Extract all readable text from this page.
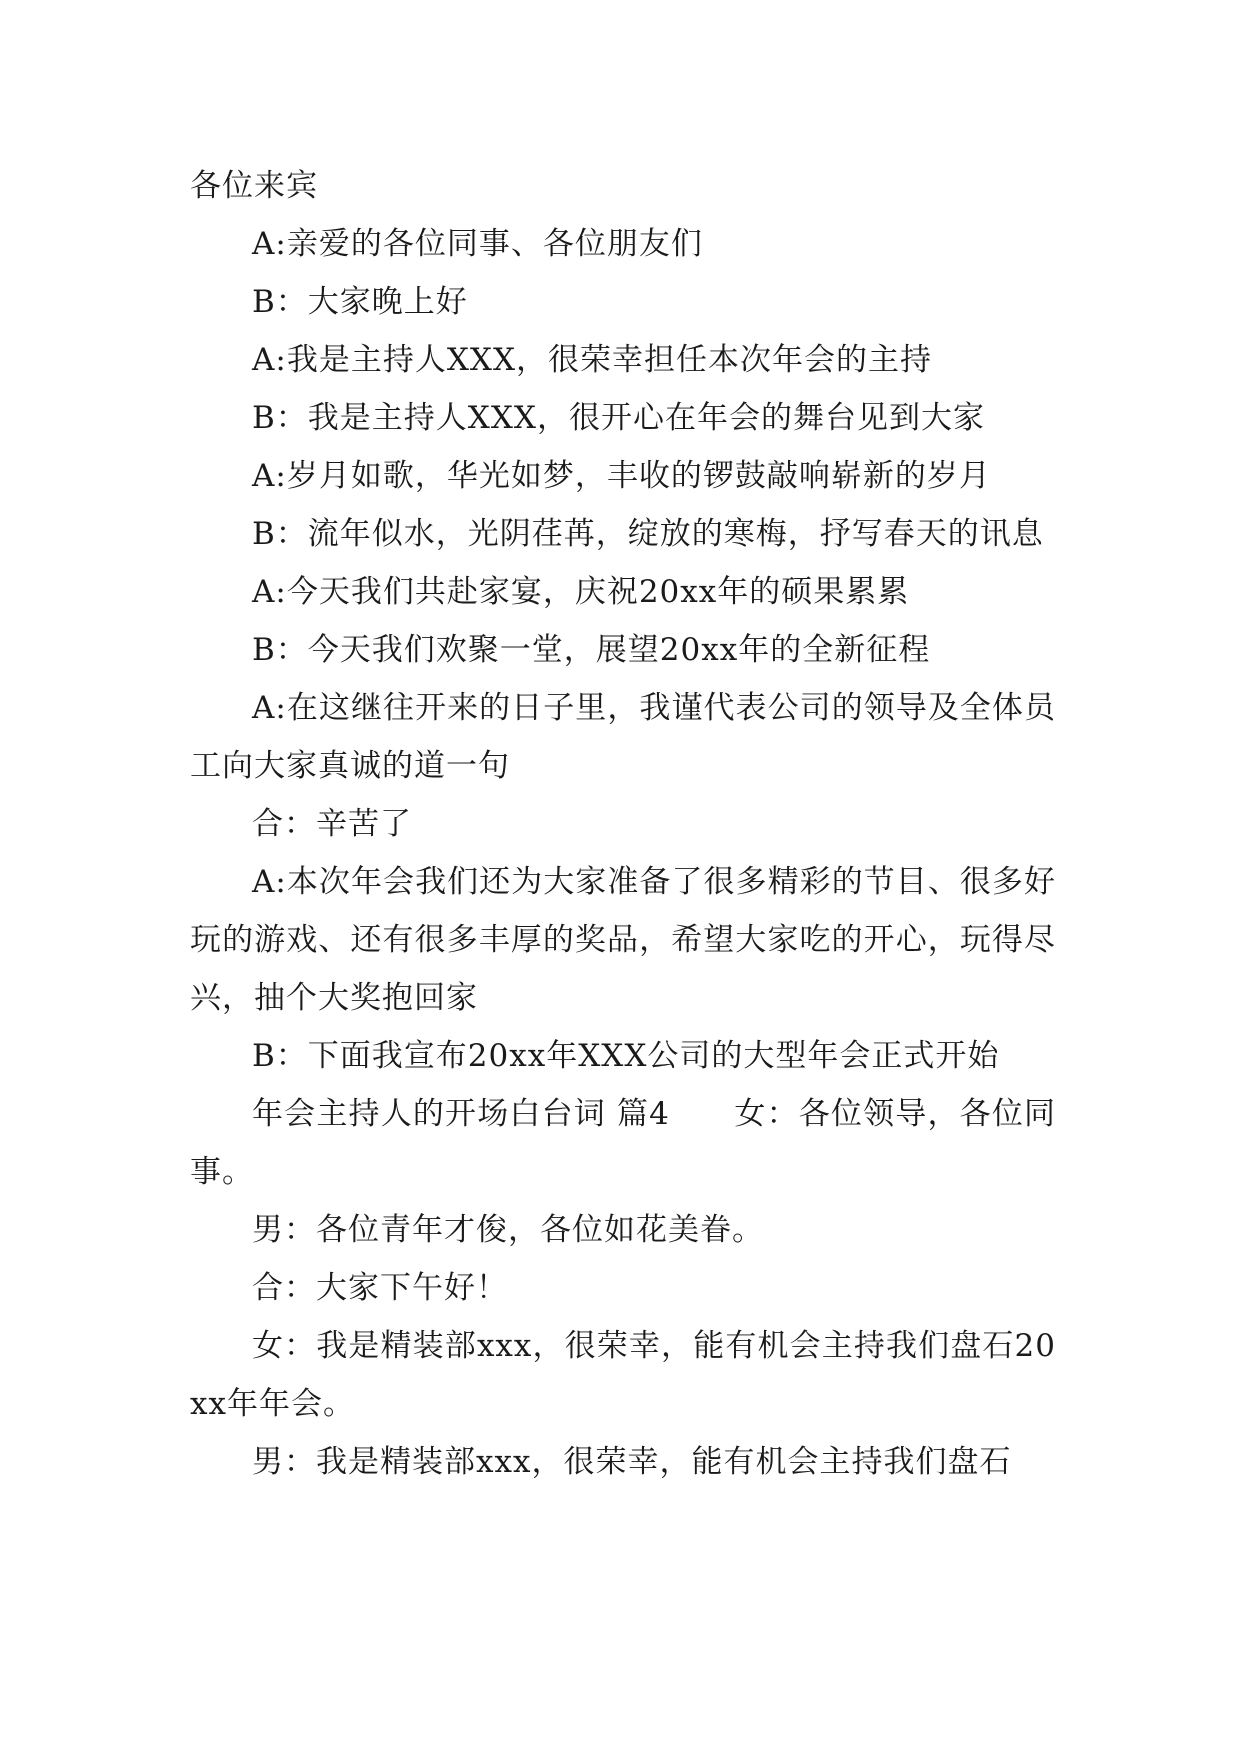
各位来宾

A:亲爱的各位同事、各位朋友们

B：大家晚上好

A:我是主持人XXX，很荣幸担任本次年会的主持

B：我是主持人XXX，很开心在年会的舞台见到大家

A:岁月如歌，华光如梦，丰收的锣鼓敲响崭新的岁月

B：流年似水，光阴荏苒，绽放的寒梅，抒写春天的讯息

A:今天我们共赴家宴，庆祝20xx年的硕果累累

B：今天我们欢聚一堂，展望20xx年的全新征程

A:在这继往开来的日子里，我谨代表公司的领导及全体员工向大家真诚的道一句

合：辛苦了

A:本次年会我们还为大家准备了很多精彩的节目、很多好玩的游戏、还有很多丰厚的奖品，希望大家吃的开心，玩得尽兴，抽个大奖抱回家

B：下面我宣布20xx年XXX公司的大型年会正式开始

年会主持人的开场白台词 篇4　　女：各位领导，各位同事。

男：各位青年才俊，各位如花美眷。

合：大家下午好！

女：我是精装部xxx，很荣幸，能有机会主持我们盘石20xx年年会。

男：我是精装部xxx，很荣幸，能有机会主持我们盘石
